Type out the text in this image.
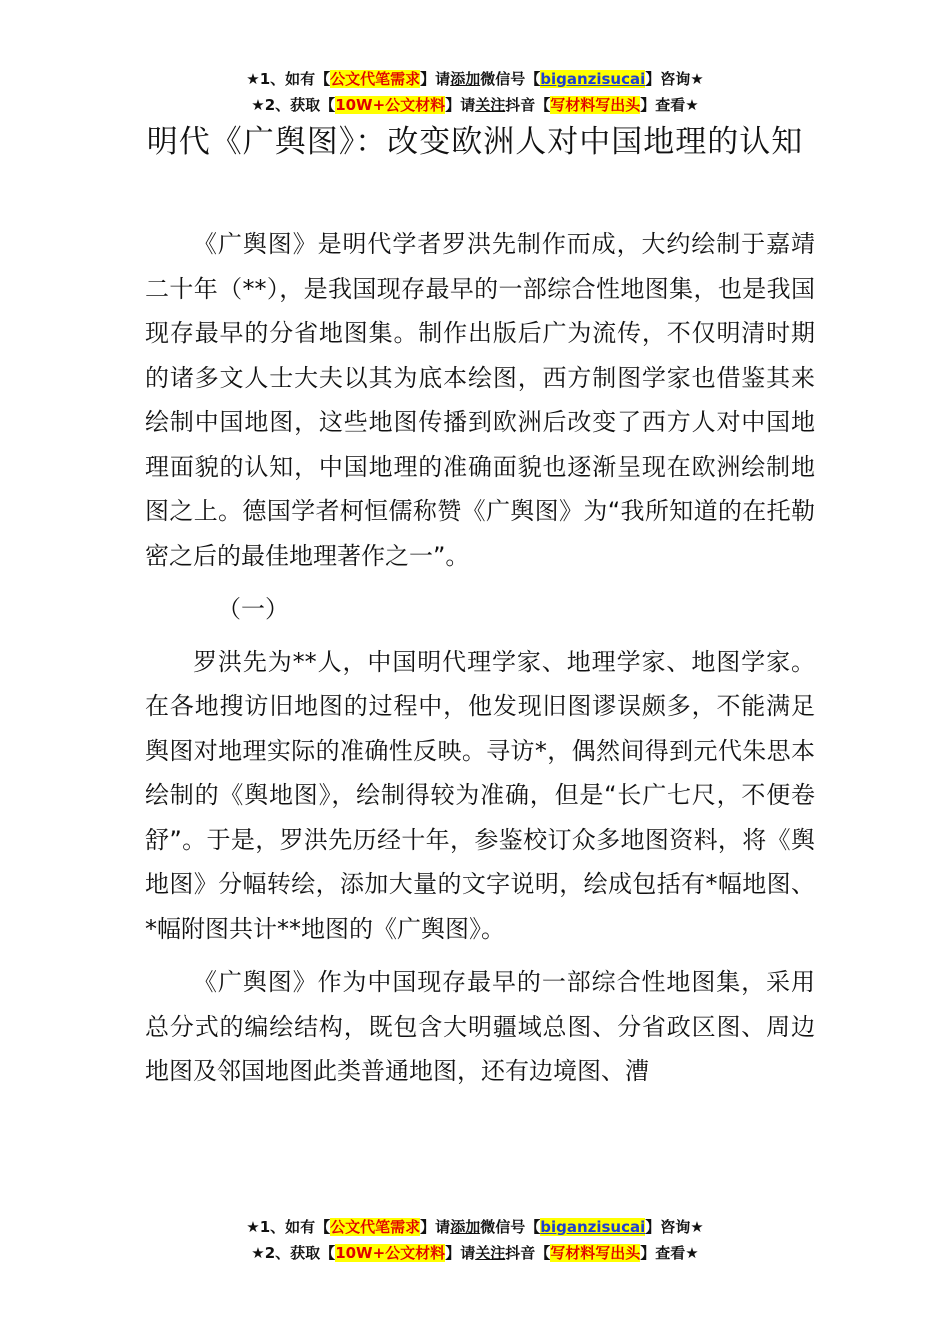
★1、如有【公文代笔需求】请添加微信号【biganzisucai】咨询★
★2、获取【10W+公文材料】请关注抖音【写材料写出头】查看★
明代《广舆图》：改变欧洲人对中国地理的认知

《广舆图》是明代学者罗洪先制作而成，大约绘制于嘉靖二十年（**），是我国现存最早的一部综合性地图集，也是我国现存最早的分省地图集。制作出版后广为流传，不仅明清时期的诸多文人士大夫以其为底本绘图，西方制图学家也借鉴其来绘制中国地图，这些地图传播到欧洲后改变了西方人对中国地理面貌的认知，中国地理的准确面貌也逐渐呈现在欧洲绘制地图之上。德国学者柯恒儒称赞《广舆图》为“我所知道的在托勒密之后的最佳地理著作之一”。

（一）

罗洪先为**人，中国明代理学家、地理学家、地图学家。在各地搜访旧地图的过程中，他发现旧图谬误颇多，不能满足舆图对地理实际的准确性反映。寻访*，偶然间得到元代朱思本绘制的《舆地图》，绘制得较为准确，但是“长广七尺，不便卷舒”。于是，罗洪先历经十年，参鉴校订众多地图资料，将《舆地图》分幅转绘，添加大量的文字说明，绘成包括有*幅地图、*幅附图共计**地图的《广舆图》。

《广舆图》作为中国现存最早的一部综合性地图集，采用总分式的编绘结构，既包含大明疆域总图、分省政区图、周边地图及邻国地图此类普通地图，还有边境图、漕

★1、如有【公文代笔需求】请添加微信号【biganzisucai】咨询★
★2、获取【10W+公文材料】请关注抖音【写材料写出头】查看★
